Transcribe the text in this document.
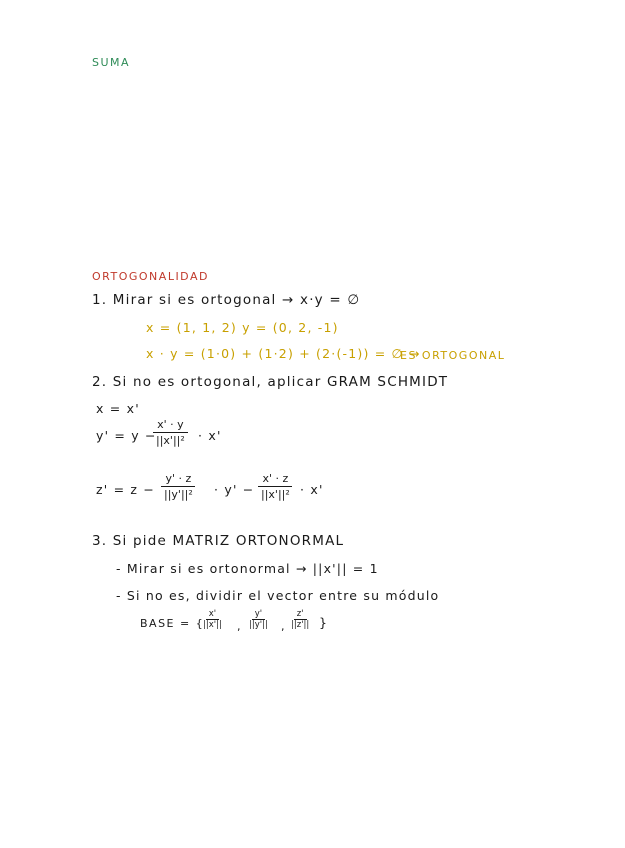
SUMA
ORTOGONALIDAD
1. Mirar si es ortogonal → x·y = ∅
x = (1, 1, 2) y = (0, 2, -1)
x · y = (1·0) + (1·2) + (2·(-1)) = ∅ →
ES ORTOGONAL
2. Si no es ortogonal, aplicar GRAM SCHMIDT
x = x'
y' = y −
$\frac{x' \cdot y}{\text{||x'||²}} \cdot x'$
$z' = z - \frac{y' \cdot z}{\text{||y'||²}} \cdot y' - \frac{x' \cdot z}{\text{||x'||²}} \cdot x'$
3. Si pide MATRIZ ORTONORMAL
- Mirar si es ortonormal → ||x'|| = 1
- Si no es, dividir el vector entre su módulo
BASE = {
$\frac{x'}{||x'||}$ , $\frac{y'}{||y'||}$ , $\frac{z'}{||z'||}$ }
